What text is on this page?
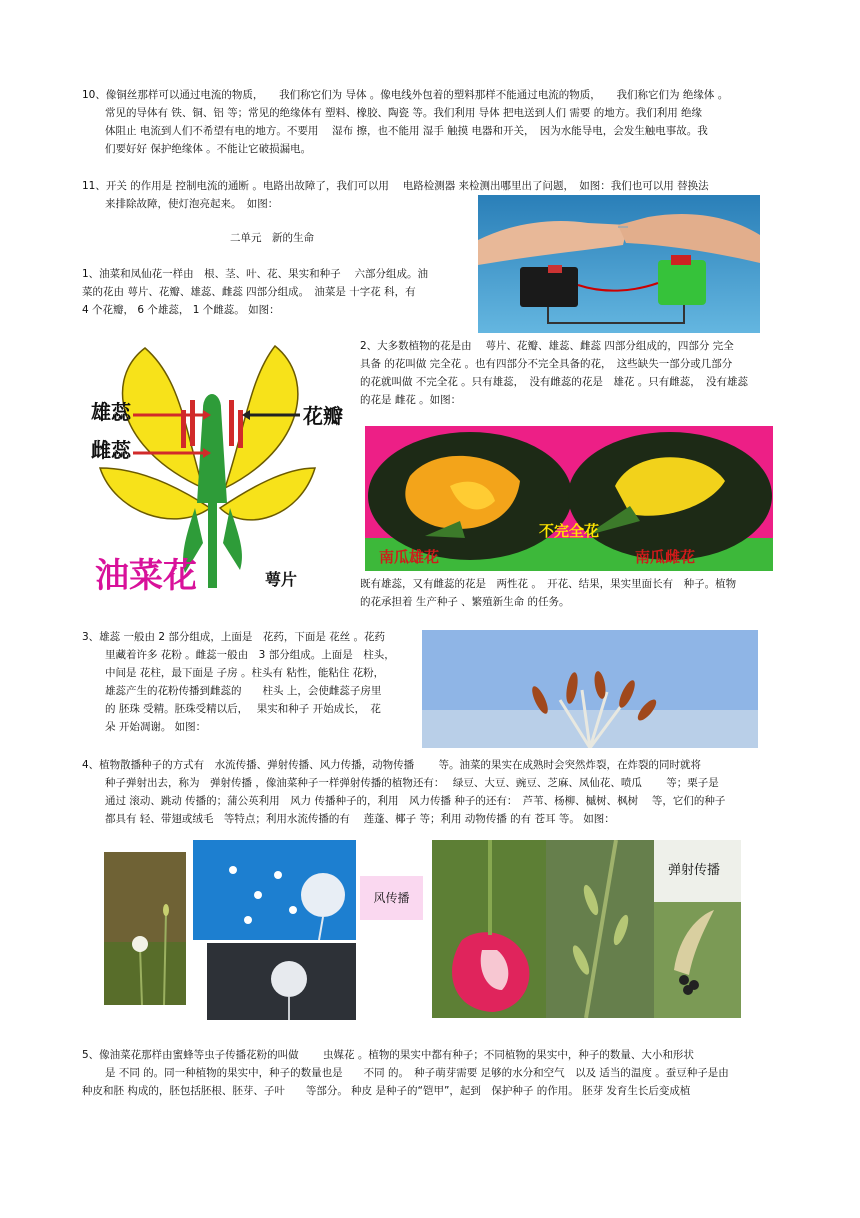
10、像铜丝那样可以通过电流的物质，　　我们称它们为 导体 。像电线外包着的塑料那样不能通过电流的物质，　　我们称它们为 绝缘体 。
常见的导体有 铁、铜、铝 等；常见的绝缘体有 塑料、橡胶、陶瓷 等。我们利用 导体 把电送到人们 需要 的地方。我们利用 绝缘
体阻止 电流到人们不希望有电的地方。不要用　 湿布 擦，也不能用 湿手 触摸 电器和开关，　因为水能导电，会发生触电事故。我
们要好好 保护绝缘体 。不能让它破损漏电。
11、开关 的作用是 控制电流的通断 。电路出故障了，我们可以用　 电路检测器 来检测出哪里出了问题，　如图：我们也可以用 替换法
来排除故障，使灯泡亮起来。　如图：
二单元　新的生命
1、油菜和凤仙花一样由　根、茎、叶、花、果实和种子　 六部分组成。油
菜的花由 萼片、花瓣、雄蕊、雌蕊 四部分组成。　油菜是 十字花 科，有
4 个花瓣， 6 个雄蕊， 1 个雌蕊。 如图：
雄蕊
雌蕊
花瓣
萼片
油菜花
2、大多数植物的花是由　 萼片、花瓣、雄蕊、雌蕊 四部分组成的，四部分 完全
具备 的花叫做 完全花 。也有四部分不完全具备的花，　这些缺失一部分或几部分
的花就叫做 不完全花 。只有雄蕊，　没有雌蕊的花是　雄花 。只有雌蕊，　没有雄蕊
的花是 雌花 。如图：
不完全花
南瓜雄花	南瓜雌花
既有雄蕊，又有雌蕊的花是　两性花 。　开花、结果，果实里面长有　种子。植物
的花承担着 生产种子 、繁殖新生命 的任务。
3、雄蕊 一般由 2 部分组成，上面是　花药，下面是 花丝 。花药
里藏着许多 花粉 。雌蕊一般由　3 部分组成。上面是　柱头，
中间是 花柱，最下面是 子房 。柱头有 粘性，能粘住 花粉，
雄蕊产生的花粉传播到雌蕊的　　柱头 上，会使雌蕊子房里
的 胚珠 受精。胚珠受精以后，　 果实和种子 开始成长，　花
朵 开始凋谢。 如图：
4、植物散播种子的方式有　水流传播、弹射传播、风力传播，动物传播　　 等。油菜的果实在成熟时会突然炸裂，在炸裂的同时就将
种子弹射出去，称为　弹射传播 ，像油菜种子一样弹射传播的植物还有：　 绿豆、大豆、豌豆、芝麻、凤仙花、喷瓜　　 等；栗子是
通过 滚动、跳动 传播的；蒲公英利用　风力 传播种子的，利用　风力传播 种子的还有：　芦苇、杨柳、槭树、枫树　 等，它们的种子
都具有 轻、带翅或绒毛　等特点；利用水流传播的有　 莲蓬、椰子 等；利用 动物传播 的有 苍耳 等。 如图：
风传播
弹射传播
5、像油菜花那样由蜜蜂等虫子传播花粉的叫做　　 虫媒花 。植物的果实中都有种子；不同植物的果实中，种子的数量、大小和形状
是 不同 的。同一种植物的果实中，种子的数量也是　　不同 的。　种子萌芽需要 足够的水分和空气　以及 适当的温度 。蚕豆种子是由
种皮和胚 构成的，胚包括胚根、胚芽、子叶　　等部分。 种皮 是种子的“铠甲”，起到　保护种子 的作用。 胚芽 发育生长后变成植
